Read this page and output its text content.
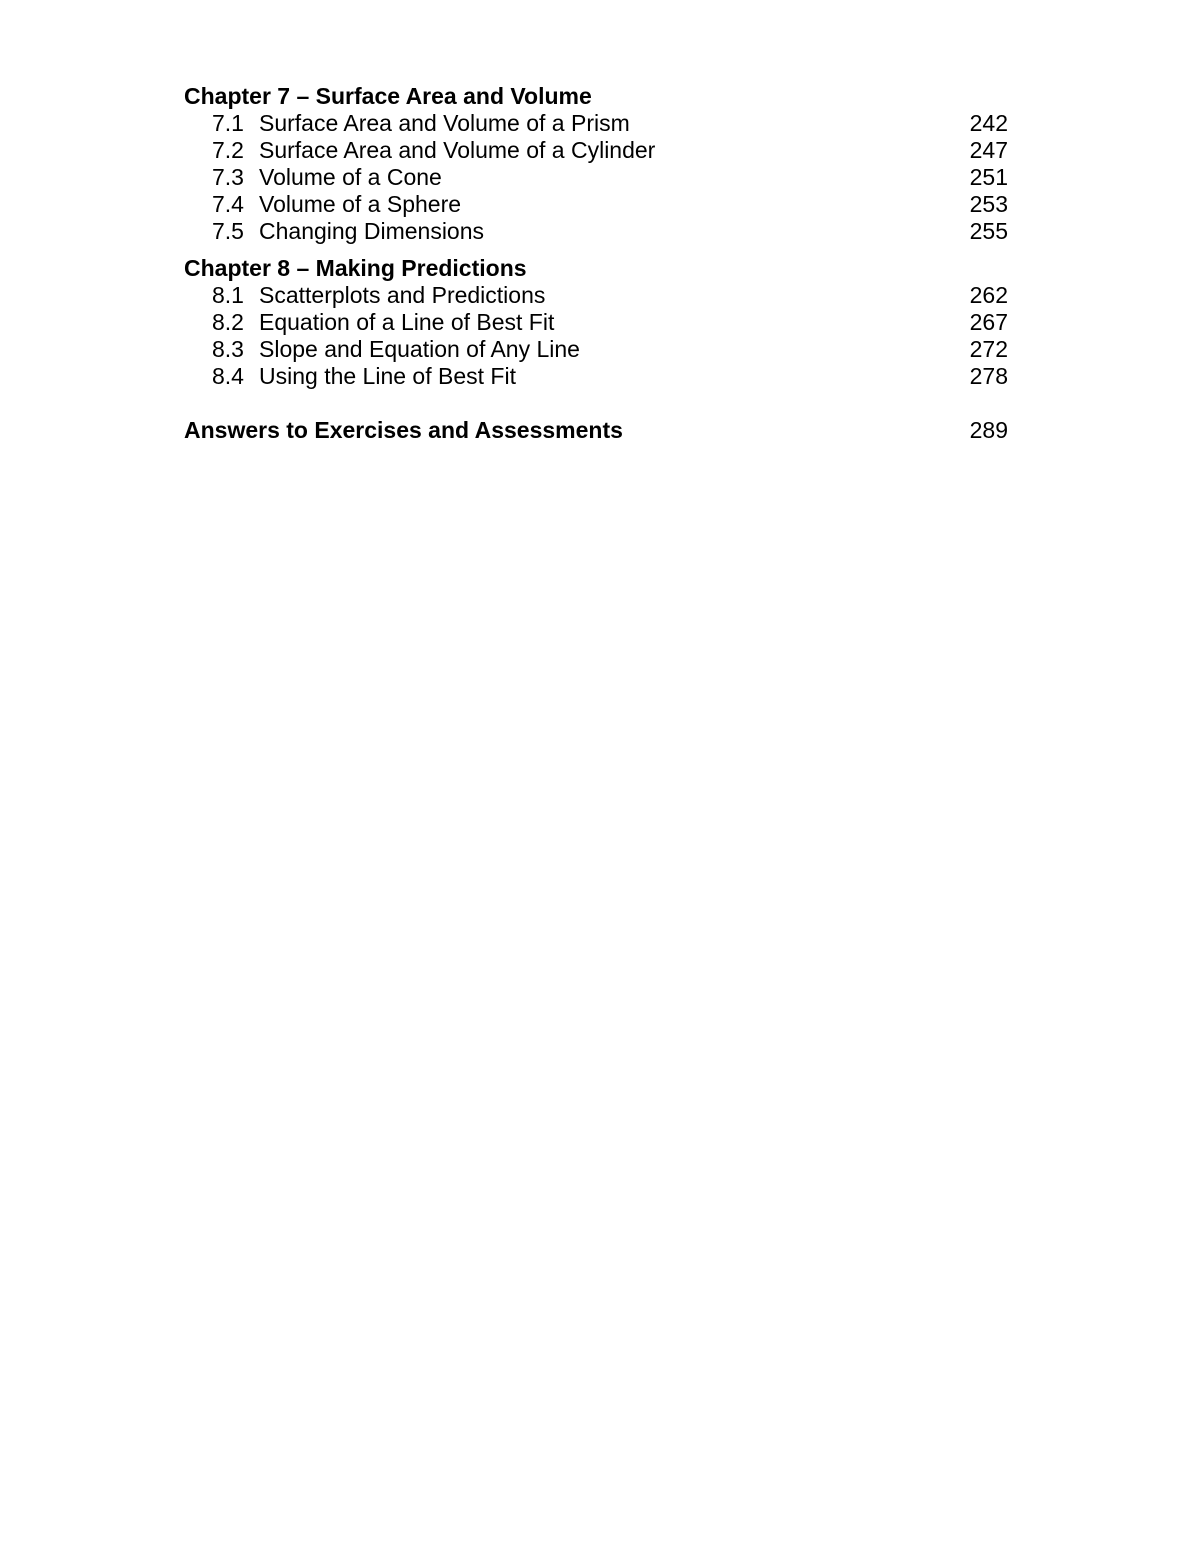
Chapter 7 – Surface Area and Volume
7.1 Surface Area and Volume of a Prism	242
7.2 Surface Area and Volume of a Cylinder	247
7.3 Volume of a Cone	251
7.4 Volume of a Sphere	253
7.5 Changing Dimensions	255
Chapter 8 – Making Predictions
8.1 Scatterplots and Predictions	262
8.2 Equation of a Line of Best Fit	267
8.3 Slope and Equation of Any Line	272
8.4 Using the Line of Best Fit	278
Answers to Exercises and Assessments	289
